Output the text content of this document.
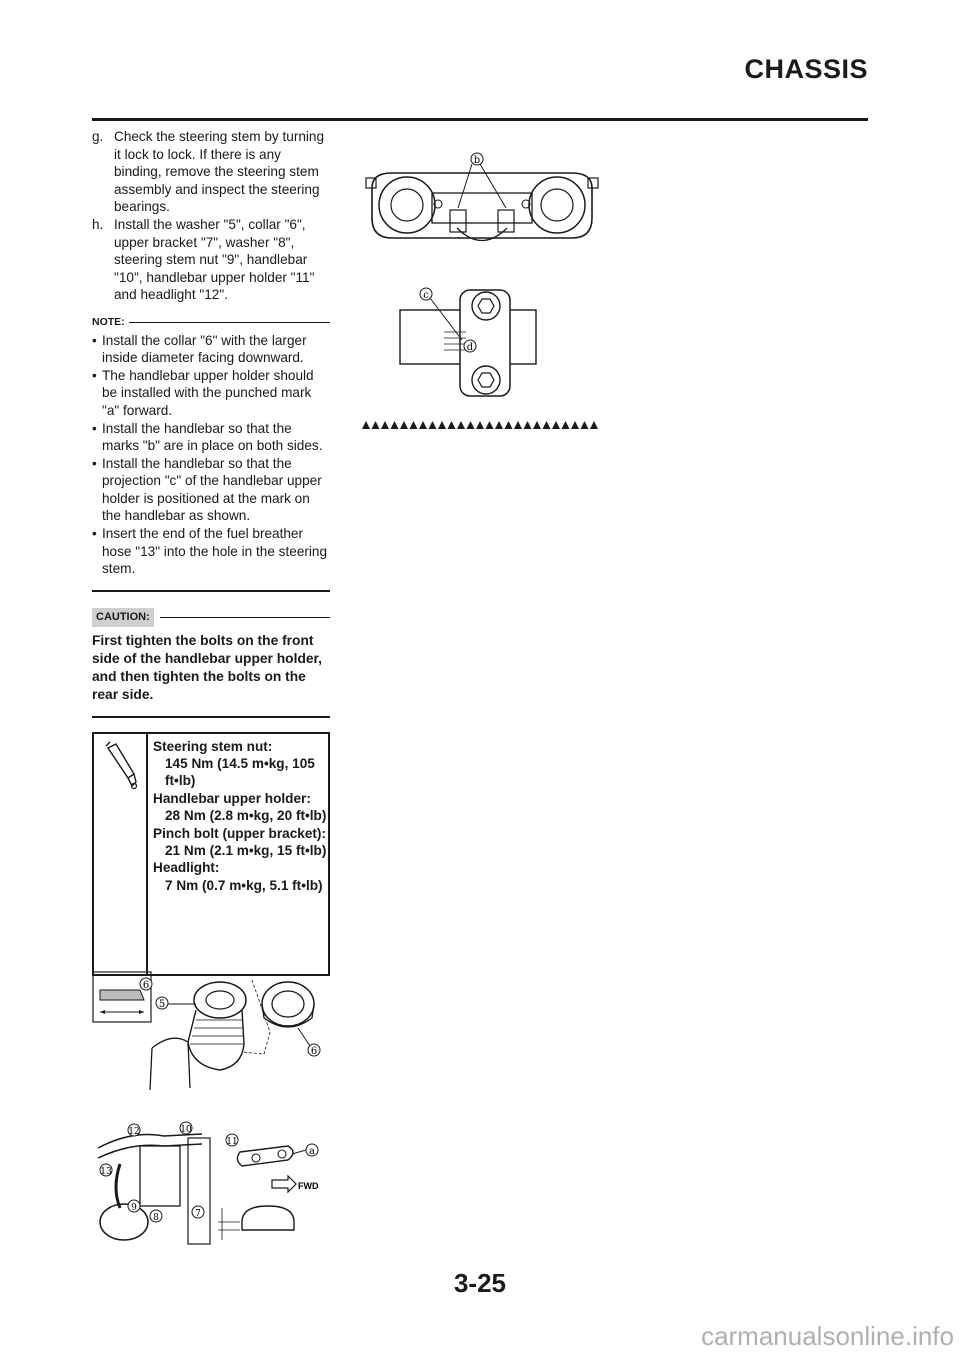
CHASSIS
g. Check the steering stem by turning it lock to lock. If there is any binding, remove the steering stem assembly and inspect the steering bearings.
h. Install the washer "5", collar "6", upper bracket "7", washer "8", steering stem nut "9", handlebar "10", handlebar upper holder "11" and headlight "12".
NOTE:
• Install the collar "6" with the larger inside diameter facing downward.
• The handlebar upper holder should be installed with the punched mark "a" forward.
• Install the handlebar so that the marks "b" are in place on both sides.
• Install the handlebar so that the projection "c" of the handlebar upper holder is positioned at the mark on the handlebar as shown.
• Insert the end of the fuel breather hose "13" into the hole in the steering stem.
CAUTION:
First tighten the bolts on the front side of the handlebar upper holder, and then tighten the bolts on the rear side.
Steering stem nut:
145 Nm (14.5 m•kg, 105 ft•lb)
Handlebar upper holder:
28 Nm (2.8 m•kg, 20 ft•lb)
Pinch bolt (upper bracket):
21 Nm (2.1 m•kg, 15 ft•lb)
Headlight:
7 Nm (0.7 m•kg, 5.1 ft•lb)
b
c
d
6
5
6
12	10
13
9
8	7
11
a
FWD
3-25
carmanualsonline.info
